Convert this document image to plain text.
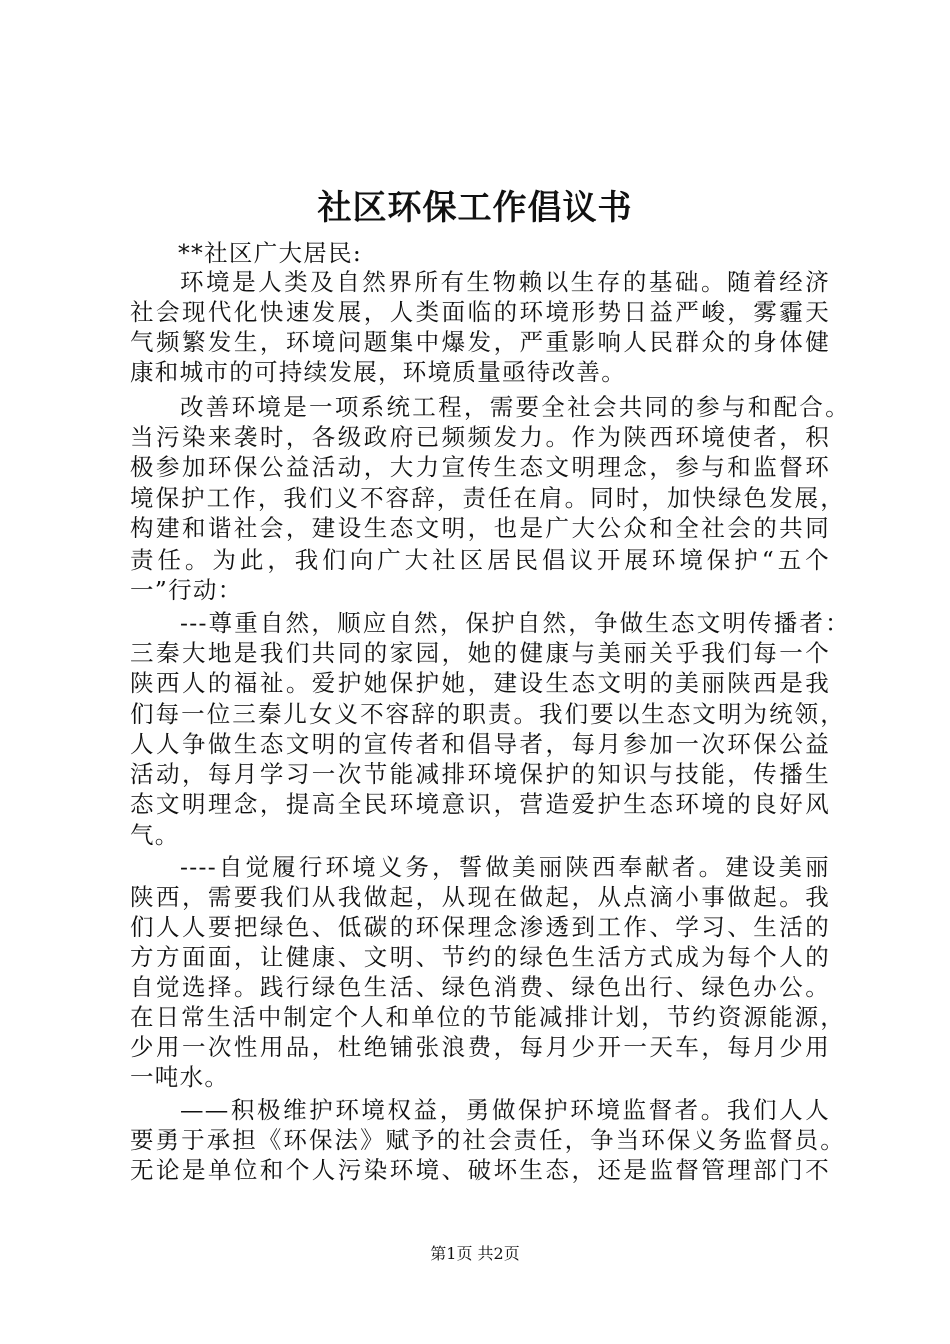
社区环保工作倡议书
**社区广大居民:
环境是人类及自然界所有生物赖以生存的基础。随着经济
社会现代化快速发展，人类面临的环境形势日益严峻，雾霾天
气频繁发生，环境问题集中爆发，严重影响人民群众的身体健
康和城市的可持续发展，环境质量亟待改善。
改善环境是一项系统工程，需要全社会共同的参与和配合。
当污染来袭时，各级政府已频频发力。作为陕西环境使者，积
极参加环保公益活动，大力宣传生态文明理念，参与和监督环
境保护工作，我们义不容辞，责任在肩。同时，加快绿色发展，
构建和谐社会，建设生态文明，也是广大公众和全社会的共同
责任。为此，我们向广大社区居民倡议开展环境保护“五个
一”行动：
---尊重自然，顺应自然，保护自然，争做生态文明传播者：
三秦大地是我们共同的家园，她的健康与美丽关乎我们每一个
陕西人的福祉。爱护她保护她，建设生态文明的美丽陕西是我
们每一位三秦儿女义不容辞的职责。我们要以生态文明为统领，
人人争做生态文明的宣传者和倡导者，每月参加一次环保公益
活动，每月学习一次节能减排环境保护的知识与技能，传播生
态文明理念，提高全民环境意识，营造爱护生态环境的良好风
气。
----自觉履行环境义务，誓做美丽陕西奉献者。建设美丽
陕西，需要我们从我做起，从现在做起，从点滴小事做起。我
们人人要把绿色、低碳的环保理念渗透到工作、学习、生活的
方方面面，让健康、文明、节约的绿色生活方式成为每个人的
自觉选择。践行绿色生活、绿色消费、绿色出行、绿色办公。
在日常生活中制定个人和单位的节能减排计划，节约资源能源，
少用一次性用品，杜绝铺张浪费，每月少开一天车，每月少用
一吨水。
——积极维护环境权益，勇做保护环境监督者。我们人人
要勇于承担《环保法》赋予的社会责任，争当环保义务监督员。
无论是单位和个人污染环境、破坏生态，还是监督管理部门不
第1页 共2页
